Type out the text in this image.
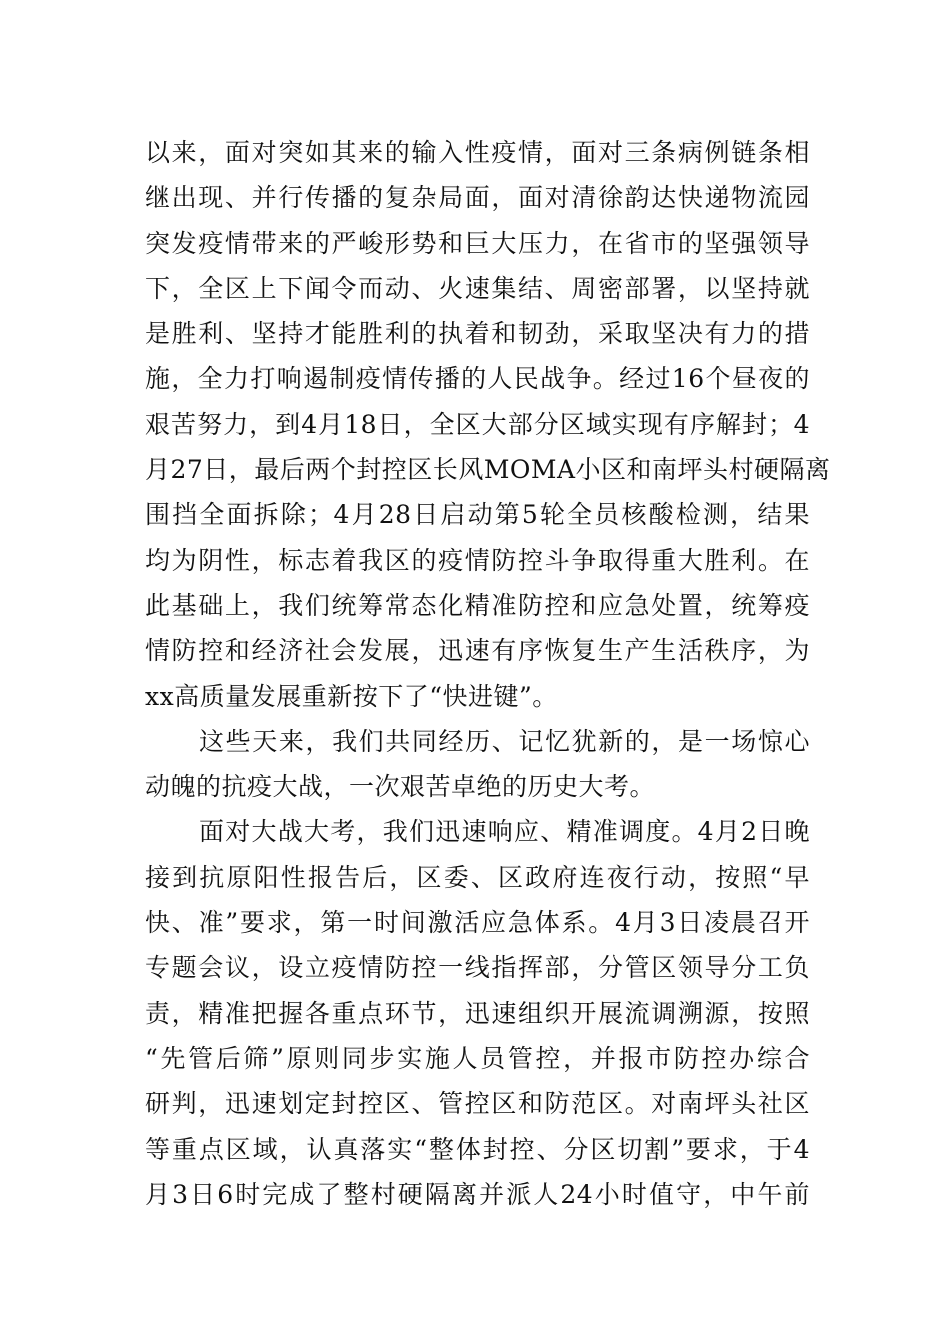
以来，面对突如其来的输入性疫情，面对三条病例链条相
继出现、并行传播的复杂局面，面对清徐韵达快递物流园
突发疫情带来的严峻形势和巨大压力，在省市的坚强领导
下，全区上下闻令而动、火速集结、周密部署，以坚持就
是胜利、坚持才能胜利的执着和韧劲，采取坚决有力的措
施，全力打响遏制疫情传播的人民战争。经过16个昼夜的
艰苦努力，到4月18日，全区大部分区域实现有序解封；4
月27日，最后两个封控区长风MOMA小区和南坪头村硬隔离
围挡全面拆除；4月28日启动第5轮全员核酸检测，结果
均为阴性，标志着我区的疫情防控斗争取得重大胜利。在
此基础上，我们统筹常态化精准防控和应急处置，统筹疫
情防控和经济社会发展，迅速有序恢复生产生活秩序，为
xx高质量发展重新按下了“快进键”。
这些天来，我们共同经历、记忆犹新的，是一场惊心
动魄的抗疫大战，一次艰苦卓绝的历史大考。
面对大战大考，我们迅速响应、精准调度。4月2日晚
接到抗原阳性报告后，区委、区政府连夜行动，按照“早
快、准”要求，第一时间激活应急体系。4月3日凌晨召开
专题会议，设立疫情防控一线指挥部，分管区领导分工负
责，精准把握各重点环节，迅速组织开展流调溯源，按照
“先管后筛”原则同步实施人员管控，并报市防控办综合
研判，迅速划定封控区、管控区和防范区。对南坪头社区
等重点区域，认真落实“整体封控、分区切割”要求，于4
月3日6时完成了整村硬隔离并派人24小时值守，中午前
